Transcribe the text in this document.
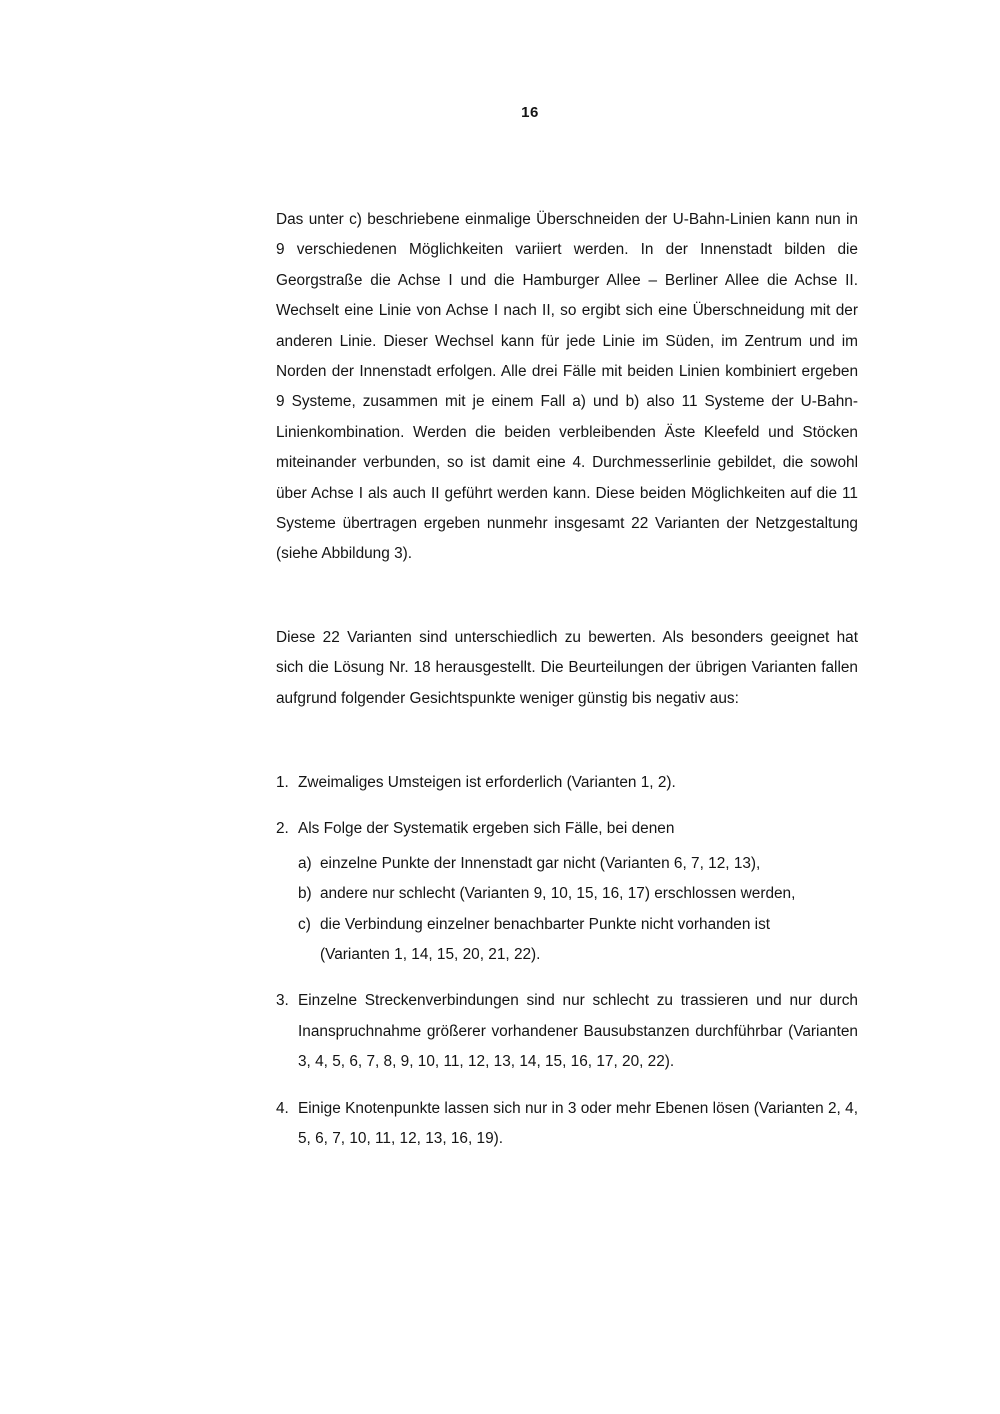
16

Das unter c) beschriebene einmalige Überschneiden der U-Bahn-Linien kann nun in 9 verschiedenen Möglichkeiten variiert werden. In der Innenstadt bilden die Georgstraße die Achse I und die Hamburger Allee – Berliner Allee die Achse II. Wechselt eine Linie von Achse I nach II, so ergibt sich eine Überschneidung mit der anderen Linie. Dieser Wechsel kann für jede Linie im Süden, im Zentrum und im Norden der Innenstadt erfolgen. Alle drei Fälle mit beiden Linien kombiniert ergeben 9 Systeme, zusammen mit je einem Fall a) und b) also 11 Systeme der U-Bahn-Linienkombination. Werden die beiden verbleibenden Äste Kleefeld und Stöcken miteinander verbunden, so ist damit eine 4. Durchmesserlinie gebildet, die sowohl über Achse I als auch II geführt werden kann. Diese beiden Möglichkeiten auf die 11 Systeme übertragen ergeben nunmehr insgesamt 22 Varianten der Netzgestaltung (siehe Abbildung 3).

Diese 22 Varianten sind unterschiedlich zu bewerten. Als besonders geeignet hat sich die Lösung Nr. 18 herausgestellt. Die Beurteilungen der übrigen Varianten fallen aufgrund folgender Gesichtspunkte weniger günstig bis negativ aus:

1. Zweimaliges Umsteigen ist erforderlich (Varianten 1, 2).
2. Als Folge der Systematik ergeben sich Fälle, bei denen
a) einzelne Punkte der Innenstadt gar nicht (Varianten 6, 7, 12, 13),
b) andere nur schlecht (Varianten 9, 10, 15, 16, 17) erschlossen werden,
c) die Verbindung einzelner benachbarter Punkte nicht vorhanden ist
(Varianten 1, 14, 15, 20, 21, 22).
3. Einzelne Streckenverbindungen sind nur schlecht zu trassieren und nur durch Inanspruchnahme größerer vorhandener Bausubstanzen durchführbar (Varianten 3, 4, 5, 6, 7, 8, 9, 10, 11, 12, 13, 14, 15, 16, 17, 20, 22).
4. Einige Knotenpunkte lassen sich nur in 3 oder mehr Ebenen lösen (Varianten 2, 4, 5, 6, 7, 10, 11, 12, 13, 16, 19).
